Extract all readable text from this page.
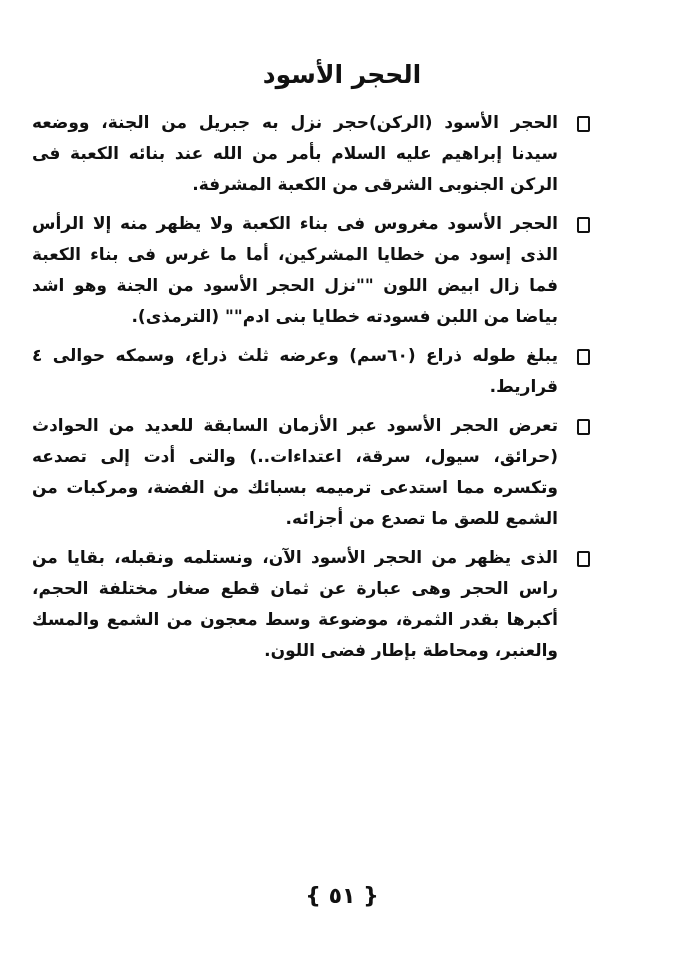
الحجر الأسود
الحجر الأسود (الركن)حجر نزل به جبريل من الجنة، ووضعه سيدنا إبراهيم عليه السلام بأمر من الله عند بنائه الكعبة فى الركن الجنوبى الشرقى من الكعبة المشرفة.
الحجر الأسود مغروس فى بناء الكعبة ولا يظهر منه إلا الرأس الذى إسود من خطايا المشركين، أما ما غرس فى بناء الكعبة فما زال ابيض اللون ""نزل الحجر الأسود من الجنة وهو اشد بياضا من اللبن فسودته خطايا بنى ادم"" (الترمذى).
يبلغ طوله ذراع (٦٠سم) وعرضه ثلث ذراع، وسمكه حوالى ٤ قراريط.
تعرض الحجر الأسود عبر الأزمان السابقة للعديد من الحوادث (حرائق، سيول، سرقة، اعتداءات..) والتى أدت إلى تصدعه وتكسره مما استدعى ترميمه بسبائك من الفضة، ومركبات من الشمع للصق ما تصدع من أجزائه.
الذى يظهر من الحجر الأسود الآن، ونستلمه ونقبله، بقايا من راس الحجر وهى عبارة عن ثمان قطع صغار مختلفة الحجم، أكبرها بقدر الثمرة، موضوعة وسط معجون من الشمع والمسك والعنبر، ومحاطة بإطار فضى اللون.
{ ٥١ }
